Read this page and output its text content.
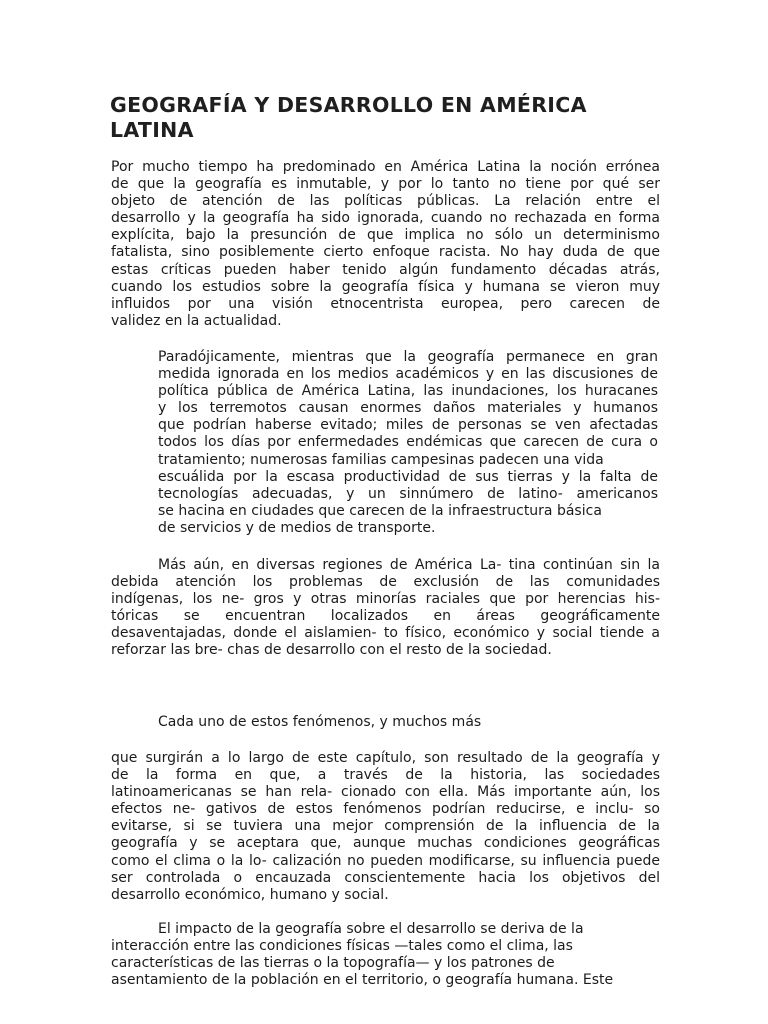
GEOGRAFÍA Y DESARROLLO EN AMÉRICA LATINA
Por mucho tiempo ha predominado en América Latina la noción errónea
de que la geografía es inmutable, y por lo tanto no tiene por qué ser
objeto de atención de las políticas públicas. La relación entre el
desarrollo y la geografía ha sido ignorada, cuando no rechazada en forma
explícita, bajo la presunción de que implica no sólo un determinismo
fatalista, sino posiblemente cierto enfoque racista. No hay duda de que
estas críticas pueden haber tenido algún fundamento décadas atrás,
cuando los estudios sobre la geografía física y humana se vieron muy
influidos por una visión etnocentrista europea, pero carecen de
validez en la actualidad.
Paradójicamente, mientras que la geografía permanece en gran
medida ignorada en los medios académicos y en las discusiones de
política pública de América Latina, las inundaciones, los huracanes
y los terremotos causan enormes daños materiales y humanos
que podrían haberse evitado; miles de personas se ven afectadas
todos los días por enfermedades endémicas que carecen de cura o
tratamiento; numerosas familias campesinas padecen una vida
escuálida por la escasa productividad de sus tierras y la falta de
tecnologías adecuadas, y un sinnúmero de latino- americanos
se hacina en ciudades que carecen de la infraestructura básica
de servicios y de medios de transporte.
Más aún, en diversas regiones de América La- tina continúan sin la
debida atención los problemas de exclusión de las comunidades
indígenas, los ne- gros y otras minorías raciales que por herencias his-
tóricas se encuentran localizados en áreas geográficamente
desaventajadas, donde el aislamien- to físico, económico y social tiende a
reforzar las bre- chas de desarrollo con el resto de la sociedad.
Cada uno de estos fenómenos, y muchos más
que surgirán a lo largo de este capítulo, son resultado de la geografía y
de la forma en que, a través de la historia, las sociedades
latinoamericanas se han rela- cionado con ella. Más importante aún, los
efectos ne- gativos de estos fenómenos podrían reducirse, e inclu- so
evitarse, si se tuviera una mejor comprensión de la influencia de la
geografía y se aceptara que, aunque muchas condiciones geográficas
como el clima o la lo- calización no pueden modificarse, su influencia puede
ser controlada o encauzada conscientemente hacia los objetivos del
desarrollo económico, humano y social.
El impacto de la geografía sobre el desarrollo se deriva de la
interacción entre las condiciones físicas —tales como el clima, las
características de las tierras o la topografía— y los patrones de
asentamiento de la población en el territorio, o geografía humana. Este
